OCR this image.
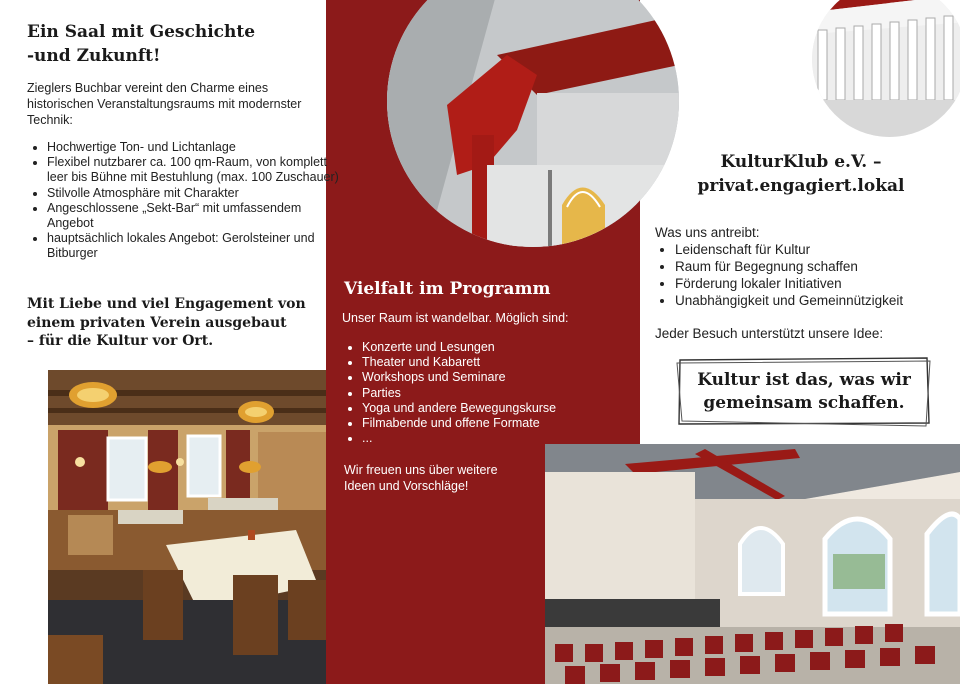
Ein Saal mit Geschichte
-und Zukunft!

Zieglers Buchbar vereint den Charme eines historischen Veranstaltungsraums mit modernster Technik:

• Hochwertige Ton- und Lichtanlage
• Flexibel nutzbarer ca. 100 qm-Raum, von komplett leer bis Bühne mit Bestuhlung (max. 100 Zuschauer)
• Stilvolle Atmosphäre mit Charakter
• Angeschlossene „Sekt-Bar“ mit umfassendem Angebot
• hauptsächlich lokales Angebot: Gerolsteiner und Bitburger

Mit Liebe und viel Engagement von
einem privaten Verein ausgebaut
– für die Kultur vor Ort.

Vielfalt im Programm

Unser Raum ist wandelbar. Möglich sind:

• Konzerte und Lesungen
• Theater und Kabarett
• Workshops und Seminare
• Parties
• Yoga und andere Bewegungskurse
• Filmabende und offene Formate
• ...

Wir freuen uns über weitere
Ideen und Vorschläge!

KulturKlub e.V. –
privat.engagiert.lokal

Was uns antreibt:

• Leidenschaft für Kultur
• Raum für Begegnung schaffen
• Förderung lokaler Initiativen
• Unabhängigkeit und Gemeinnützigkeit

Jeder Besuch unterstützt unsere Idee:

Kultur ist das, was wir
gemeinsam schaffen.
